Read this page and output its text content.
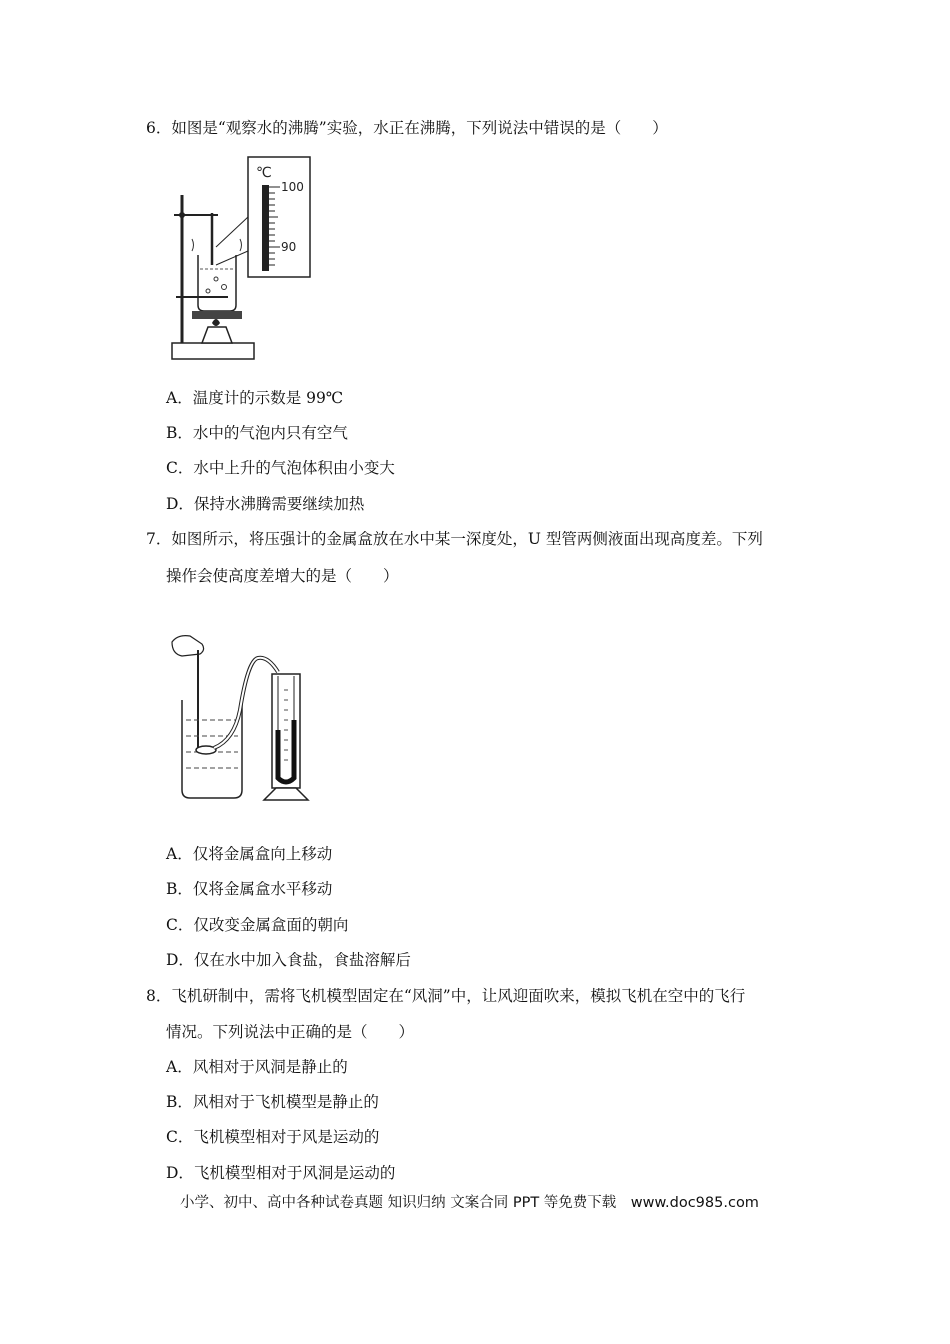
6．如图是“观察水的沸腾”实验，水正在沸腾，下列说法中错误的是（　　）
℃
100
90
A．温度计的示数是 99℃
B．水中的气泡内只有空气
C．水中上升的气泡体积由小变大
D．保持水沸腾需要继续加热
7．如图所示，将压强计的金属盒放在水中某一深度处，U 型管两侧液面出现高度差。下列
操作会使高度差增大的是（　　）
A．仅将金属盒向上移动
B．仅将金属盒水平移动
C．仅改变金属盒面的朝向
D．仅在水中加入食盐，食盐溶解后
8．飞机研制中，需将飞机模型固定在“风洞”中，让风迎面吹来，模拟飞机在空中的飞行
情况。下列说法中正确的是（　　）
A．风相对于风洞是静止的
B．风相对于飞机模型是静止的
C．飞机模型相对于风是运动的
D．飞机模型相对于风洞是运动的
小学、初中、高中各种试卷真题 知识归纳 文案合同 PPT 等免费下载　www.doc985.com
